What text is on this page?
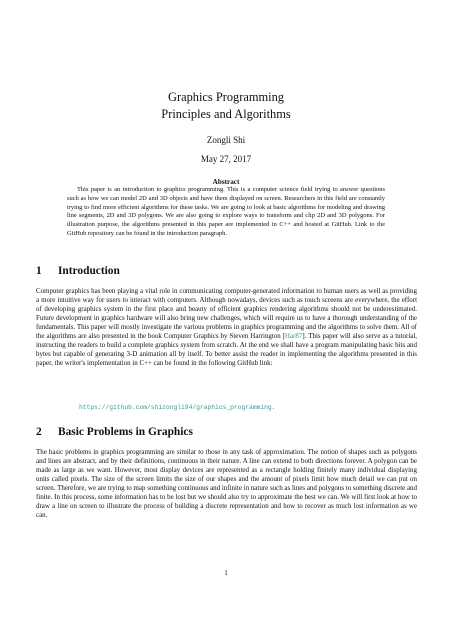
Graphics Programming
Principles and Algorithms
Zongli Shi
May 27, 2017
Abstract

This paper is an introduction to graphics programming. This is a computer science field trying to answer questions such as how we can model 2D and 3D objects and have them displayed on screen. Researchers in this field are constantly trying to find more efficient algorithms for these tasks. We are going to look at basic algorithms for modeling and drawing line segments, 2D and 3D polygons. We are also going to explore ways to transform and clip 2D and 3D polygons. For illustration purpose, the algorithms presented in this paper are implemented in C++ and hosted at GitHub. Link to the GitHub repository can be found in the introduction paragraph.

1 Introduction

Computer graphics has been playing a vital role in communicating computer-generated information to human users as well as providing a more intuitive way for users to interact with computers. Although nowadays, devices such as touch screens are everywhere, the effort of developing graphics system in the first place and beauty of efficient graphics rendering algorithms should not be underestimated. Future development in graphics hardware will also bring new challenges, which will require us to have a thorough understanding of the fundamentals. This paper will mostly investigate the various problems in graphics programming and the algorithms to solve them. All of the algorithms are also presented in the book Computer Graphics by Steven Harrington [Har87]. This paper will also serve as a tutorial, instructing the readers to build a complete graphics system from scratch. At the end we shall have a program manipulating basic bits and bytes but capable of generating 3-D animation all by itself. To better assist the reader in implementing the algorithms presented in this paper, the writer's implementation in C++ can be found in the following GitHub link:

https://github.com/shizongli94/graphics_programming.
2 Basic Problems in Graphics

The basic problems in graphics programming are similar to those in any task of approximation. The notion of shapes such as polygons and lines are abstract, and by their definitions, continuous in their nature. A line can extend to both directions forever. A polygon can be made as large as we want. However, most display devices are represented as a rectangle holding finitely many individual displaying units called pixels. The size of the screen limits the size of our shapes and the amount of pixels limit how much detail we can put on screen. Therefore, we are trying to map something continuous and infinite in nature such as lines and polygons to something discrete and finite. In this process, some information has to be lost but we should also try to approximate the best we can. We will first look at how to draw a line on screen to illustrate the process of building a discrete representation and how to recover as much lost information as we can.

1
